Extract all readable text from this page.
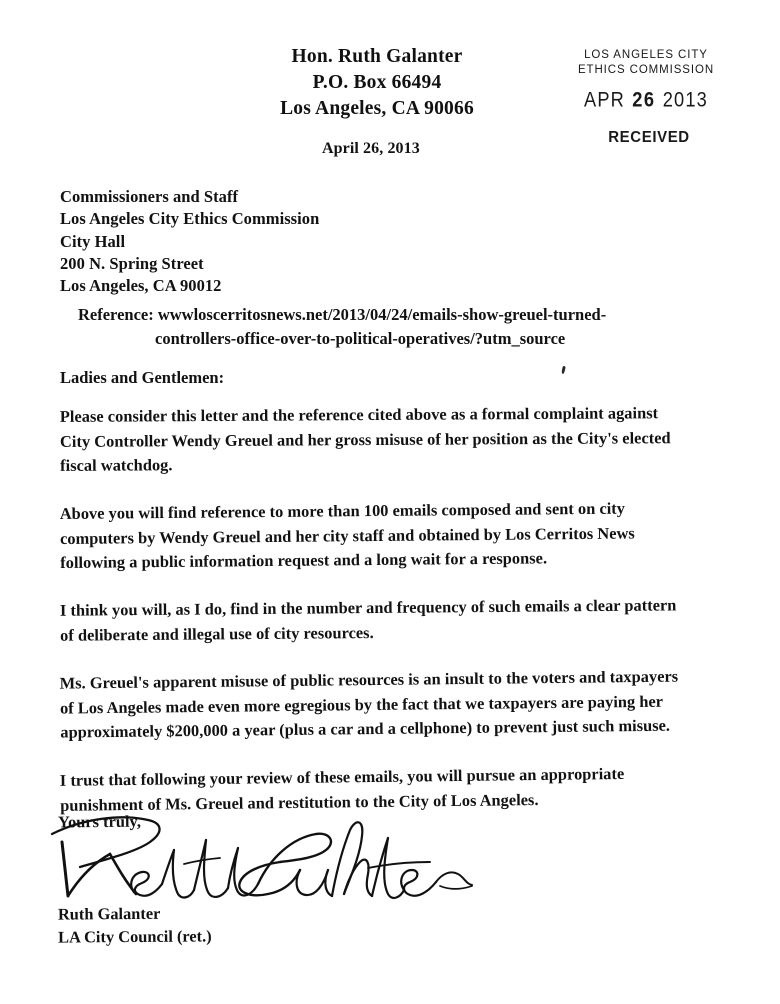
Hon. Ruth Galanter
P.O. Box 66494
Los Angeles, CA 90066
LOS ANGELES CITY
ETHICS COMMISSION
APR 26 2013
RECEIVED
April 26, 2013
Commissioners and Staff
Los Angeles City Ethics Commission
City Hall
200 N. Spring Street
Los Angeles, CA 90012
Reference: wwwloscerritosnews.net/2013/04/24/emails-show-greuel-turned-
controllers-office-over-to-political-operatives/?utm_source
Ladies and Gentlemen:

Please consider this letter and the reference cited above as a formal complaint against City Controller Wendy Greuel and her gross misuse of her position as the City's elected fiscal watchdog.

Above you will find reference to more than 100 emails composed and sent on city computers by Wendy Greuel and her city staff and obtained by Los Cerritos News following a public information request and a long wait for a response.

I think you will, as I do, find in the number and frequency of such emails a clear pattern of deliberate and illegal use of city resources.

Ms. Greuel's apparent misuse of public resources is an insult to the voters and taxpayers of Los Angeles made even more egregious by the fact that we taxpayers are paying her approximately $200,000 a year (plus a car and a cellphone) to prevent just such misuse.

I trust that following your review of these emails, you will pursue an appropriate punishment of Ms. Greuel and restitution to the City of Los Angeles.

Yours truly,
Ruth Galanter
LA City Council (ret.)
